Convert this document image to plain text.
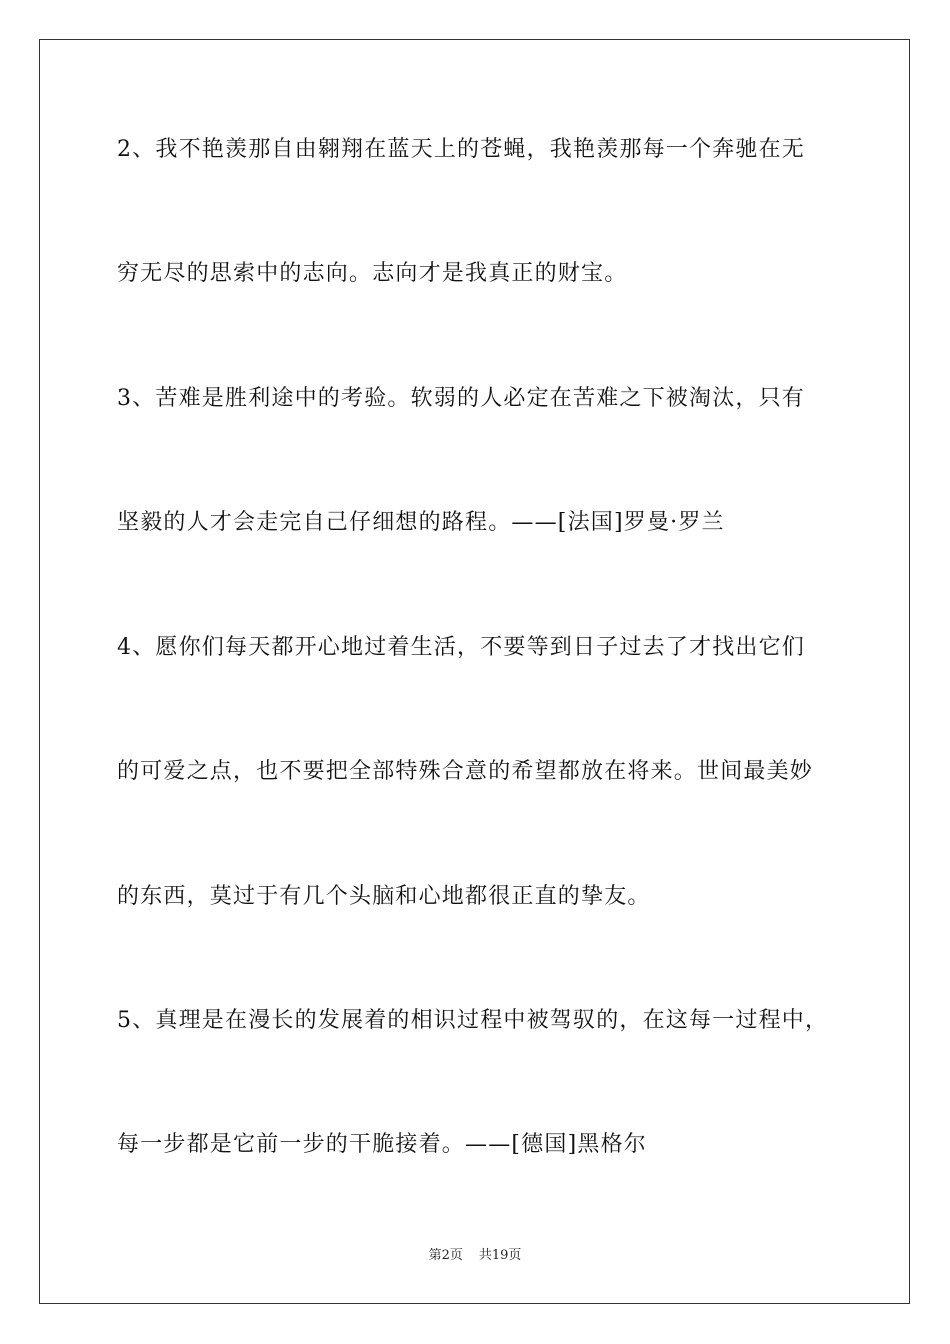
2、我不艳羡那自由翱翔在蓝天上的苍蝇，我艳羡那每一个奔驰在无
穷无尽的思索中的志向。志向才是我真正的财宝。
3、苦难是胜利途中的考验。软弱的人必定在苦难之下被淘汰，只有
坚毅的人才会走完自己仔细想的路程。——[法国]罗曼·罗兰
4、愿你们每天都开心地过着生活，不要等到日子过去了才找出它们
的可爱之点，也不要把全部特殊合意的希望都放在将来。世间最美妙
的东西，莫过于有几个头脑和心地都很正直的挚友。
5、真理是在漫长的发展着的相识过程中被驾驭的，在这每一过程中，
每一步都是它前一步的干脆接着。——[德国]黑格尔
第2页 共19页
